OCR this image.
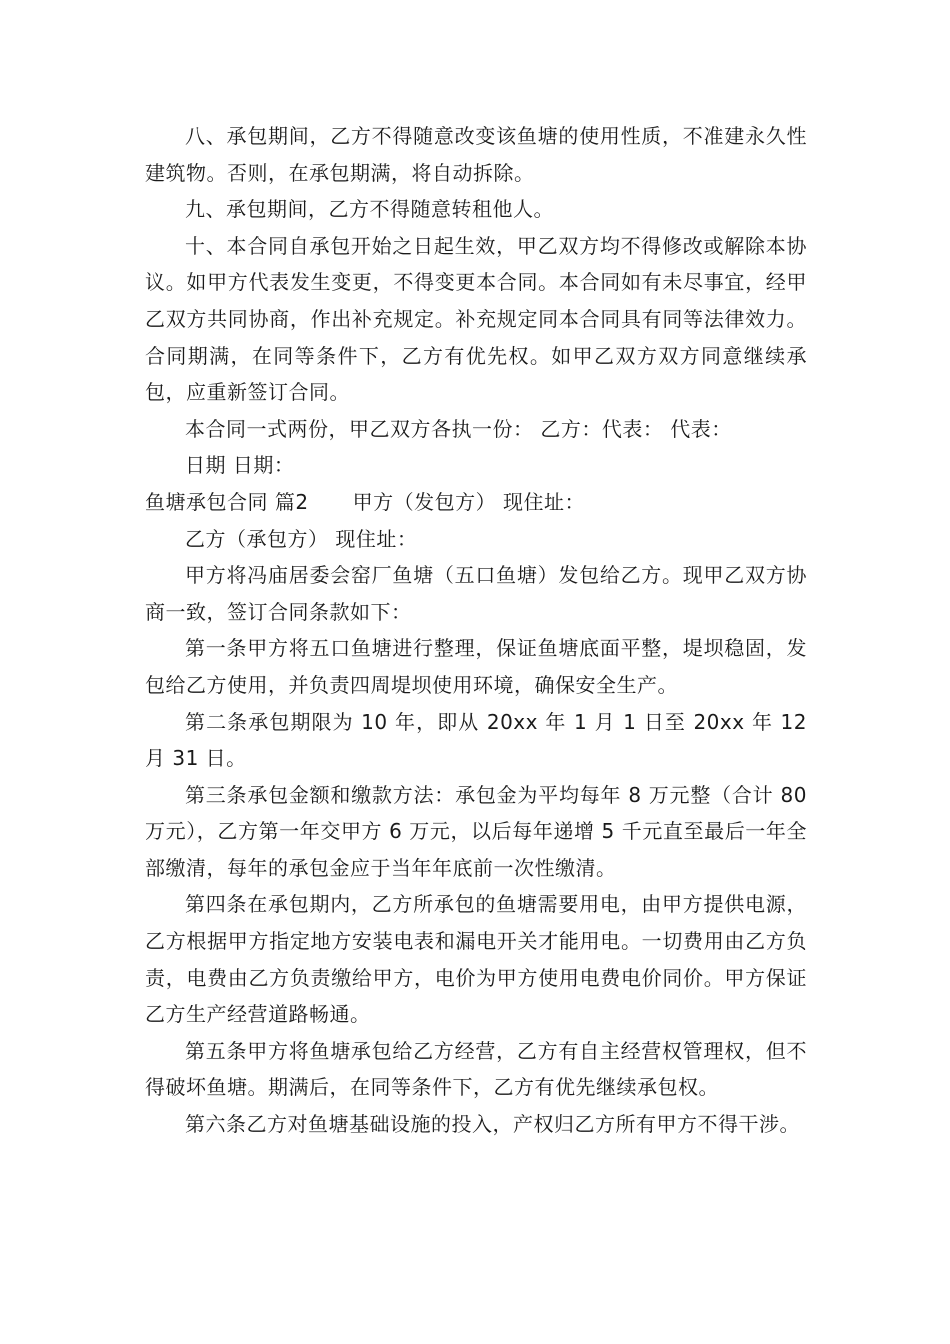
八、承包期间，乙方不得随意改变该鱼塘的使用性质，不准建永久性建筑物。否则，在承包期满，将自动拆除。

九、承包期间，乙方不得随意转租他人。

十、本合同自承包开始之日起生效，甲乙双方均不得修改或解除本协议。如甲方代表发生变更，不得变更本合同。本合同如有未尽事宜，经甲乙双方共同协商，作出补充规定。补充规定同本合同具有同等法律效力。合同期满，在同等条件下，乙方有优先权。如甲乙双方双方同意继续承包，应重新签订合同。

本合同一式两份，甲乙双方各执一份： 乙方：代表： 代表：

日期 日期：

鱼塘承包合同 篇2 甲方（发包方） 现住址：

乙方（承包方） 现住址：

甲方将冯庙居委会窑厂鱼塘（五口鱼塘）发包给乙方。现甲乙双方协商一致，签订合同条款如下：

第一条甲方将五口鱼塘进行整理，保证鱼塘底面平整，堤坝稳固，发包给乙方使用，并负责四周堤坝使用环境，确保安全生产。

第二条承包期限为 10 年，即从 20xx 年 1 月 1 日至 20xx 年 12 月 31 日。

第三条承包金额和缴款方法：承包金为平均每年 8 万元整（合计 80 万元），乙方第一年交甲方 6 万元，以后每年递增 5 千元直至最后一年全部缴清，每年的承包金应于当年年底前一次性缴清。

第四条在承包期内，乙方所承包的鱼塘需要用电，由甲方提供电源，乙方根据甲方指定地方安装电表和漏电开关才能用电。一切费用由乙方负责，电费由乙方负责缴给甲方，电价为甲方使用电费电价同价。甲方保证乙方生产经营道路畅通。

第五条甲方将鱼塘承包给乙方经营，乙方有自主经营权管理权，但不得破坏鱼塘。期满后，在同等条件下，乙方有优先继续承包权。

第六条乙方对鱼塘基础设施的投入，产权归乙方所有甲方不得干涉。
